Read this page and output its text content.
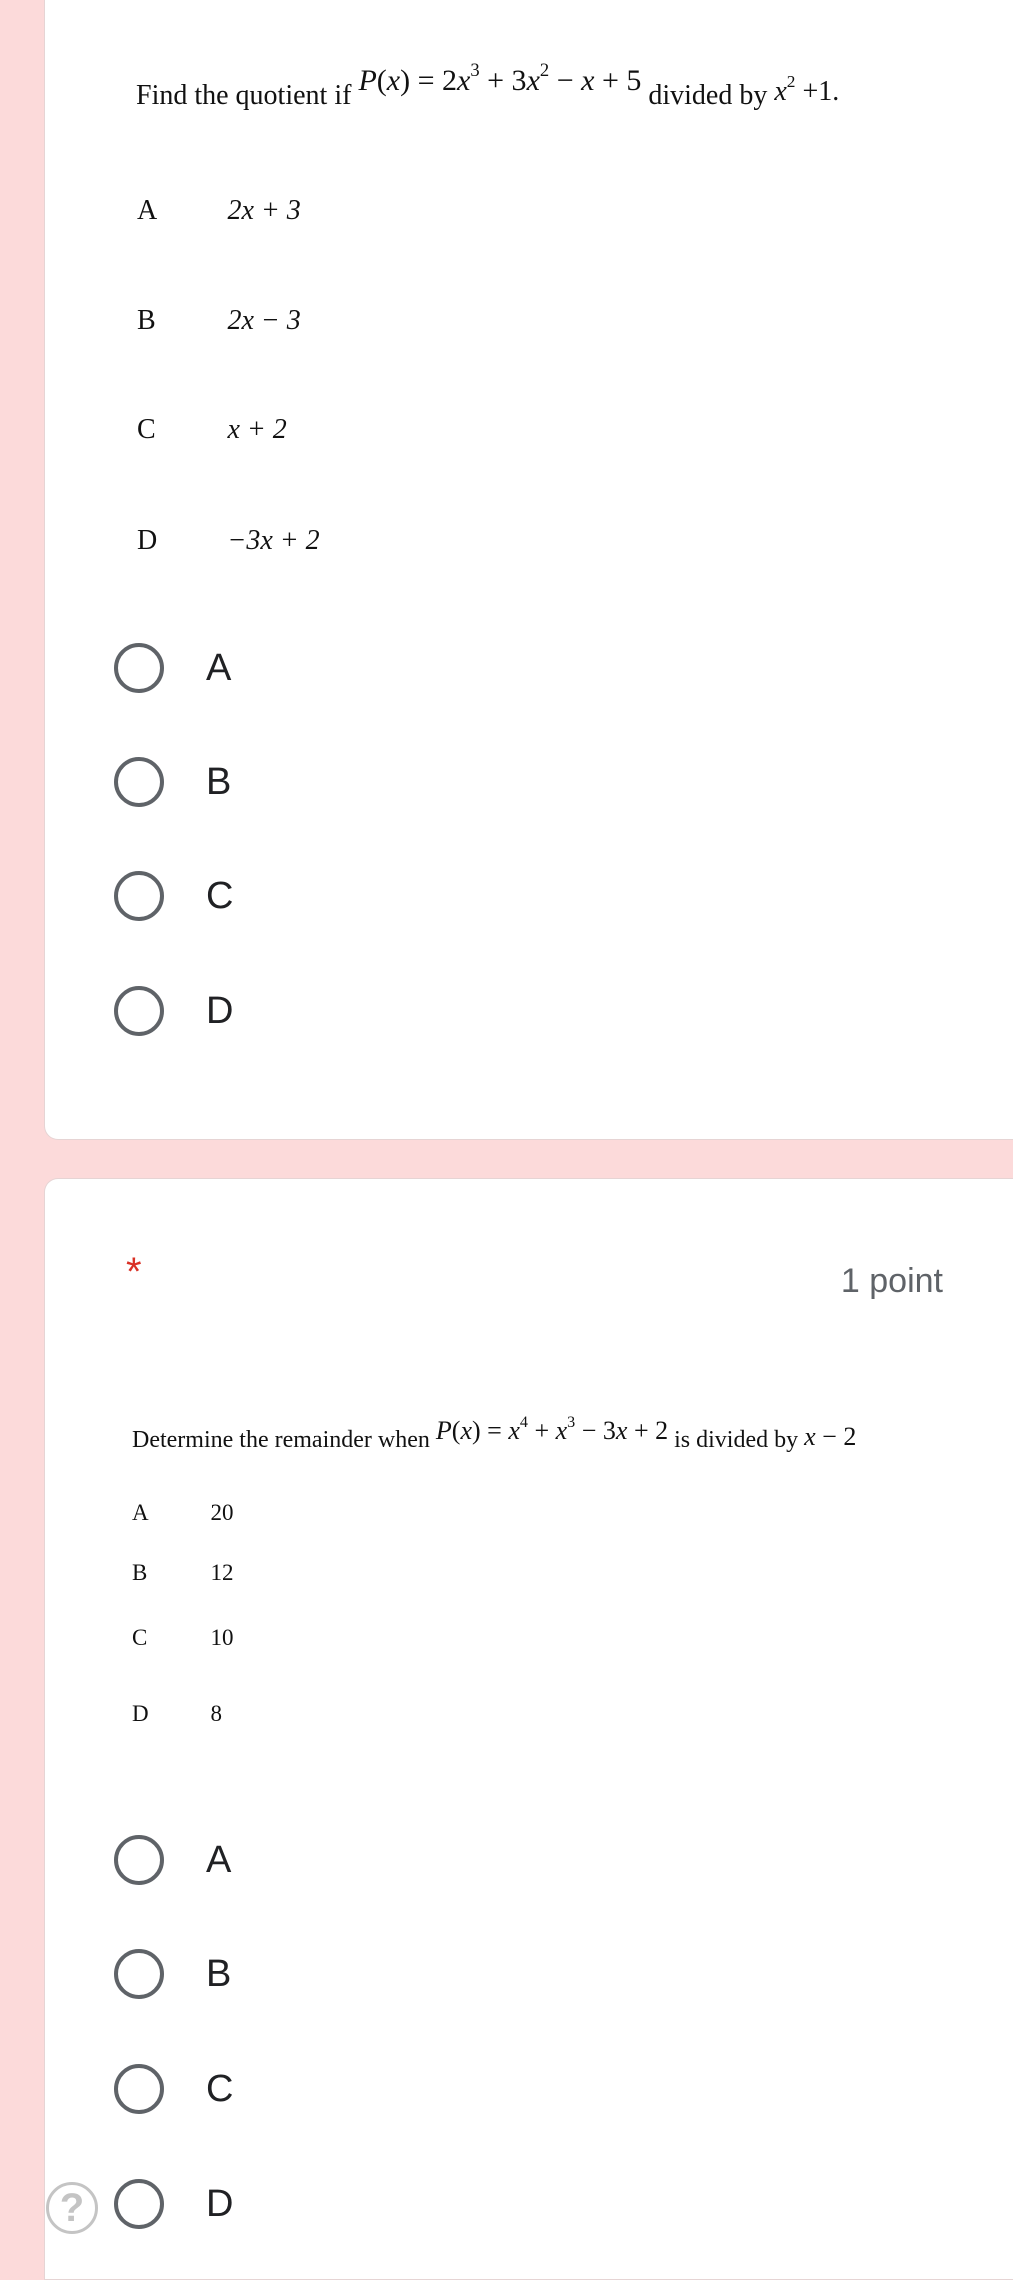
Find the quotient if $P(x) = 2x^3 + 3x^2 - x + 5$ divided by $x^2 +1$.
A	2x + 3
B	2x − 3
C	x + 2
D	−3x + 2
A
B
C
D
*	1 point
Determine the remainder when $P(x) = x^4 + x^3 - 3x + 2$ is divided by x − 2
A	20
B	12
C	10
D	8
A
B
C
D
?
